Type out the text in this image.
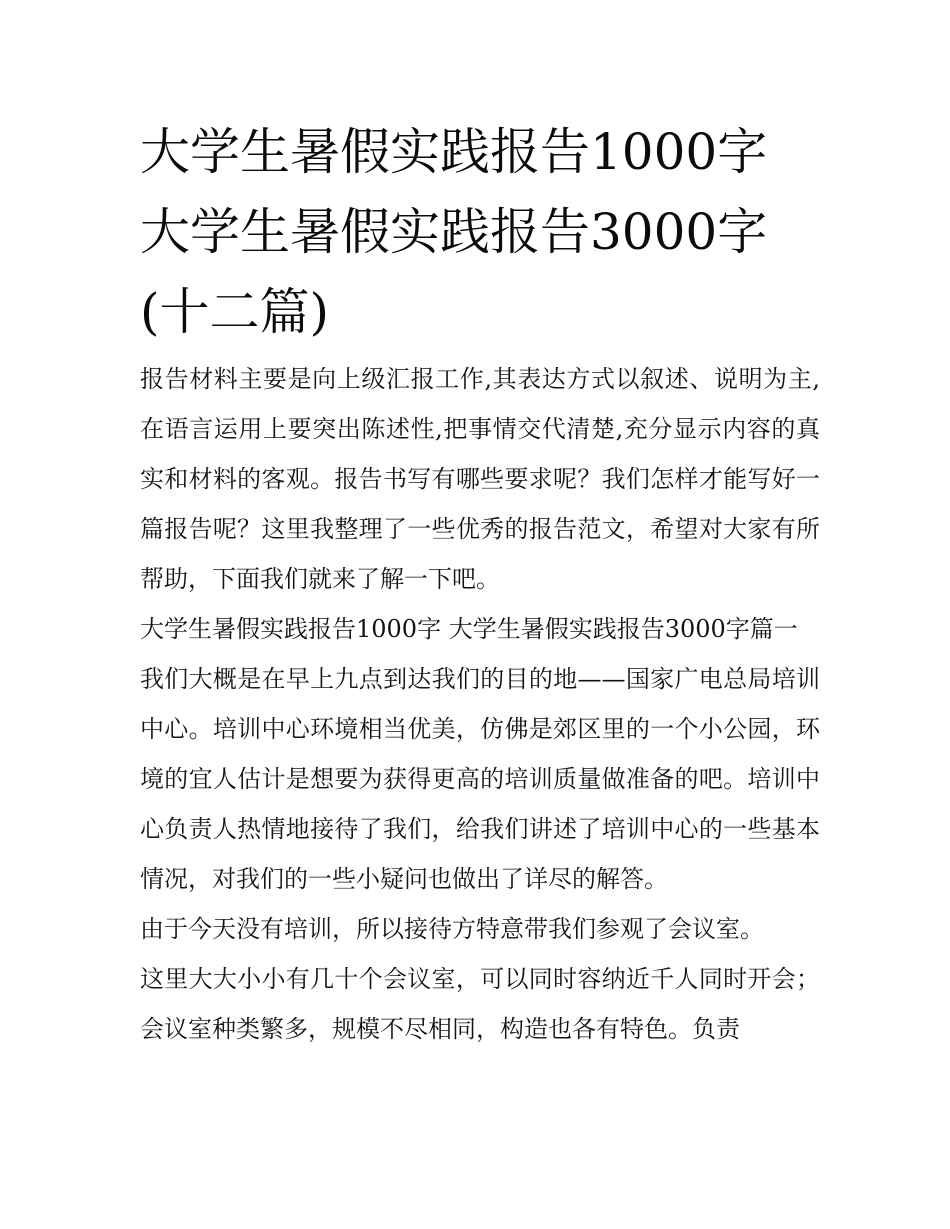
大学生暑假实践报告1000字
大学生暑假实践报告3000字
(十二篇)

报告材料主要是向上级汇报工作,其表达方式以叙述、说明为主,在语言运用上要突出陈述性,把事情交代清楚,充分显示内容的真实和材料的客观。报告书写有哪些要求呢？我们怎样才能写好一篇报告呢？这里我整理了一些优秀的报告范文，希望对大家有所帮助，下面我们就来了解一下吧。

大学生暑假实践报告1000字 大学生暑假实践报告3000字篇一

我们大概是在早上九点到达我们的目的地——国家广电总局培训中心。培训中心环境相当优美，仿佛是郊区里的一个小公园，环境的宜人估计是想要为获得更高的培训质量做准备的吧。培训中心负责人热情地接待了我们，给我们讲述了培训中心的一些基本情况，对我们的一些小疑问也做出了详尽的解答。

由于今天没有培训，所以接待方特意带我们参观了会议室。

这里大大小小有几十个会议室，可以同时容纳近千人同时开会；会议室种类繁多，规模不尽相同，构造也各有特色。负责
